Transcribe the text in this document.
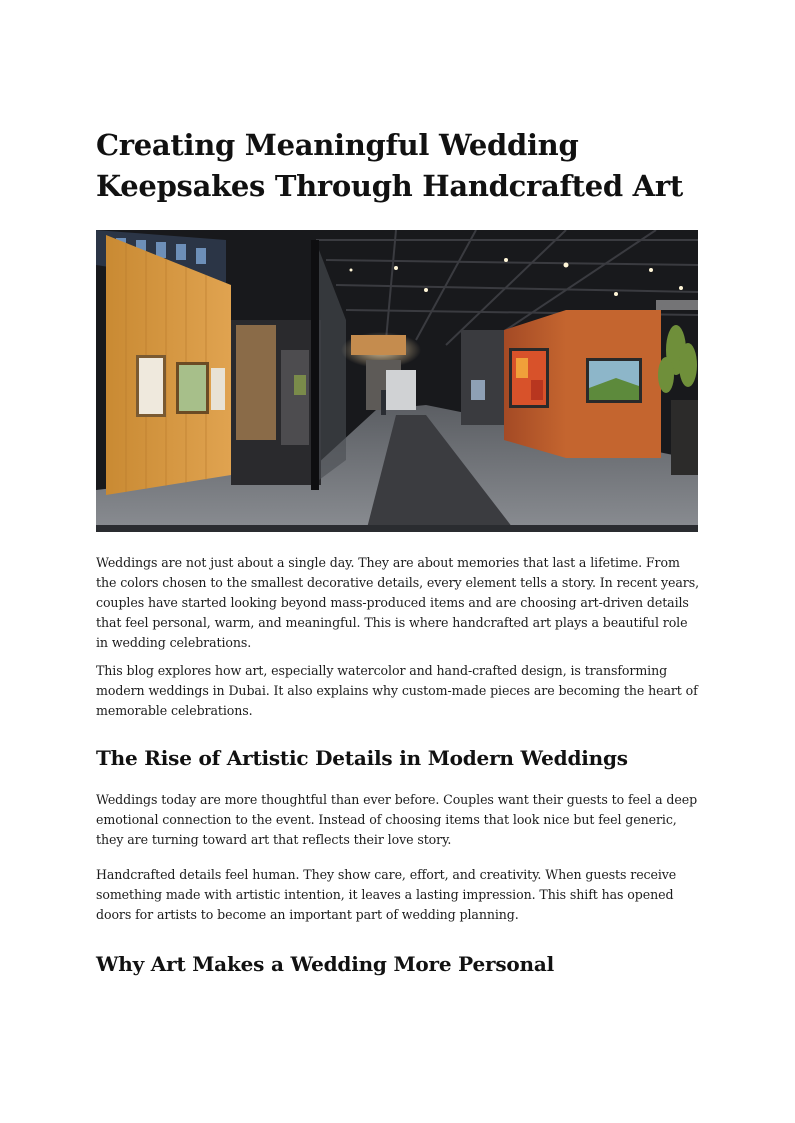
Creating Meaningful Wedding Keepsakes Through Handcrafted Art

Weddings are not just about a single day. They are about memories that last a lifetime. From the colors chosen to the smallest decorative details, every element tells a story. In recent years, couples have started looking beyond mass-produced items and are choosing art-driven details that feel personal, warm, and meaningful. This is where handcrafted art plays a beautiful role in wedding celebrations.

This blog explores how art, especially watercolor and hand-crafted design, is transforming modern weddings in Dubai. It also explains why custom-made pieces are becoming the heart of memorable celebrations.

The Rise of Artistic Details in Modern Weddings

Weddings today are more thoughtful than ever before. Couples want their guests to feel a deep emotional connection to the event. Instead of choosing items that look nice but feel generic, they are turning toward art that reflects their love story.

Handcrafted details feel human. They show care, effort, and creativity. When guests receive something made with artistic intention, it leaves a lasting impression. This shift has opened doors for artists to become an important part of wedding planning.

Why Art Makes a Wedding More Personal
